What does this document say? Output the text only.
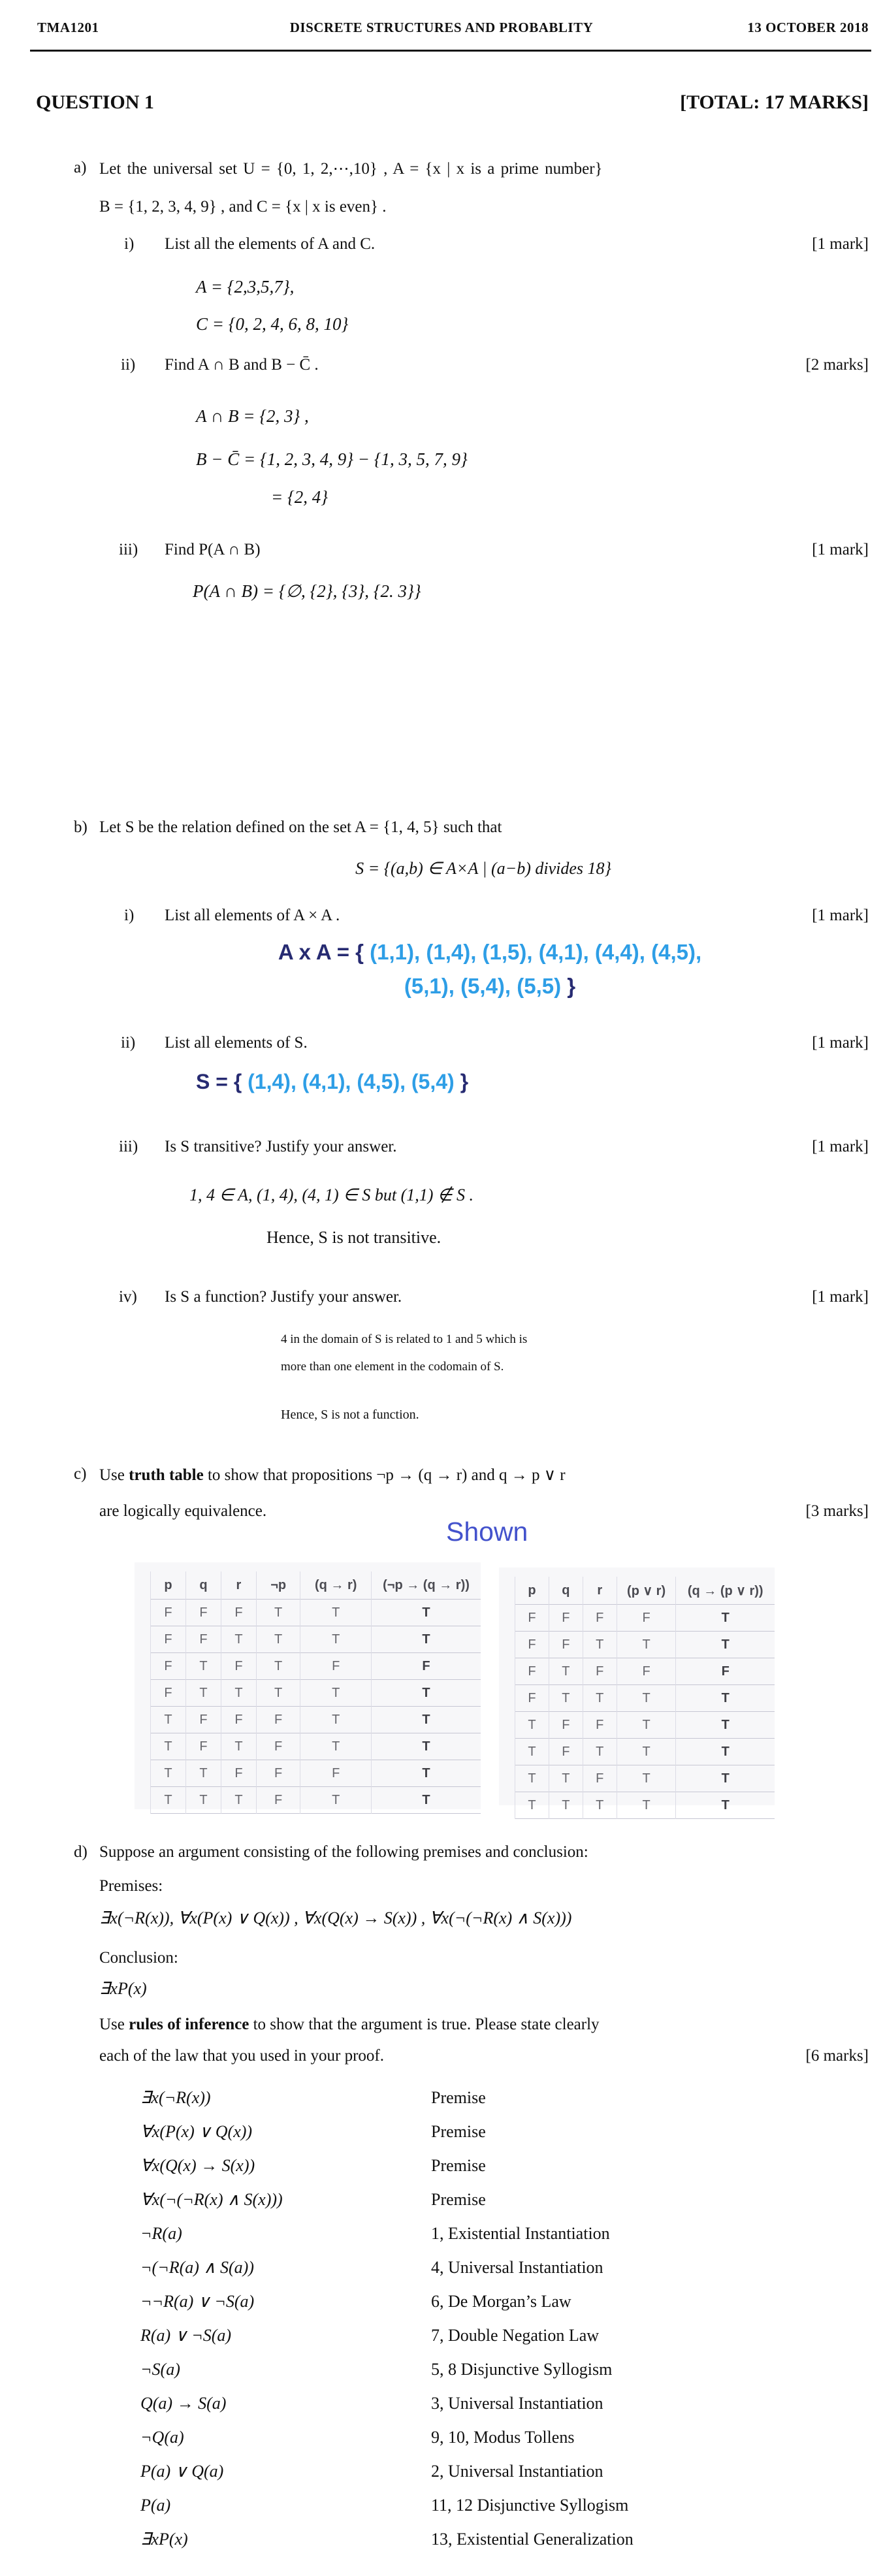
TMA1201	DISCRETE STRUCTURES AND PROBABLITY	13 OCTOBER 2018
QUESTION 1	[TOTAL: 17 MARKS]
a) Let the universal set U = {0, 1, 2,⋯,10} , A = {x | x is a prime number}
B = {1, 2, 3, 4, 9} , and C = {x | x is even} .
i) List all the elements of A and C.	[1 mark]
A = {2,3,5,7},
C = {0, 2, 4, 6, 8, 10}
ii) Find A ∩ B and B − C̄ .	[2 marks]
A ∩ B = {2, 3} ,
B − C̄ = {1, 2, 3, 4, 9} − {1, 3, 5, 7, 9}
= {2, 4}
iii) Find P(A ∩ B)	[1 mark]
P(A ∩ B) = {∅, {2}, {3}, {2. 3}}
b) Let S be the relation defined on the set A = {1, 4, 5} such that
S = {(a,b) ∈ A×A | (a−b) divides 18}
i) List all elements of A × A .	[1 mark]
A x A = { (1,1), (1,4), (1,5), (4,1), (4,4), (4,5),
(5,1), (5,4), (5,5) }
ii) List all elements of S.	[1 mark]
S = { (1,4), (4,1), (4,5), (5,4) }
iii) Is S transitive? Justify your answer.	[1 mark]
1, 4 ∈ A, (1, 4), (4, 1) ∈ S but (1,1) ∉ S .
Hence, S is not transitive.
iv) Is S a function? Justify your answer.	[1 mark]
4 in the domain of S is related to 1 and 5 which is
more than one element in the codomain of S.
Hence, S is not a function.
c) Use truth table to show that propositions ¬p → (q → r) and q → p ∨ r
are logically equivalence.	[3 marks]
Shown
p	q	r	¬p	(q → r)	(¬p → (q → r))
F	F	F	T	T	T
F	F	T	T	T	T
F	T	F	T	F	F
F	T	T	T	T	T
T	F	F	F	T	T
T	F	T	F	T	T
T	T	F	F	F	T
T	T	T	F	T	T
p	q	r	(p ∨ r)	(q → (p ∨ r))
F	F	F	F	T
F	F	T	T	T
F	T	F	F	F
F	T	T	T	T
T	F	F	T	T
T	F	T	T	T
T	T	F	T	T
T	T	T	T	T
d) Suppose an argument consisting of the following premises and conclusion:
Premises:
∃x(¬R(x)), ∀x(P(x) ∨ Q(x)) , ∀x(Q(x) → S(x)) , ∀x(¬(¬R(x) ∧ S(x)))
Conclusion:
∃xP(x)
Use rules of inference to show that the argument is true. Please state clearly
each of the law that you used in your proof.	[6 marks]
∃x(¬R(x))	Premise
∀x(P(x) ∨ Q(x))	Premise
∀x(Q(x) → S(x))	Premise
∀x(¬(¬R(x) ∧ S(x)))	Premise
¬R(a)	1, Existential Instantiation
¬(¬R(a) ∧ S(a))	4, Universal Instantiation
¬¬R(a) ∨ ¬S(a)	6, De Morgan’s Law
R(a) ∨ ¬S(a)	7, Double Negation Law
¬S(a)	5, 8 Disjunctive Syllogism
Q(a) → S(a)	3, Universal Instantiation
¬Q(a)	9, 10, Modus Tollens
P(a) ∨ Q(a)	2, Universal Instantiation
P(a)	11, 12 Disjunctive Syllogism
∃xP(x)	13, Existential Generalization
